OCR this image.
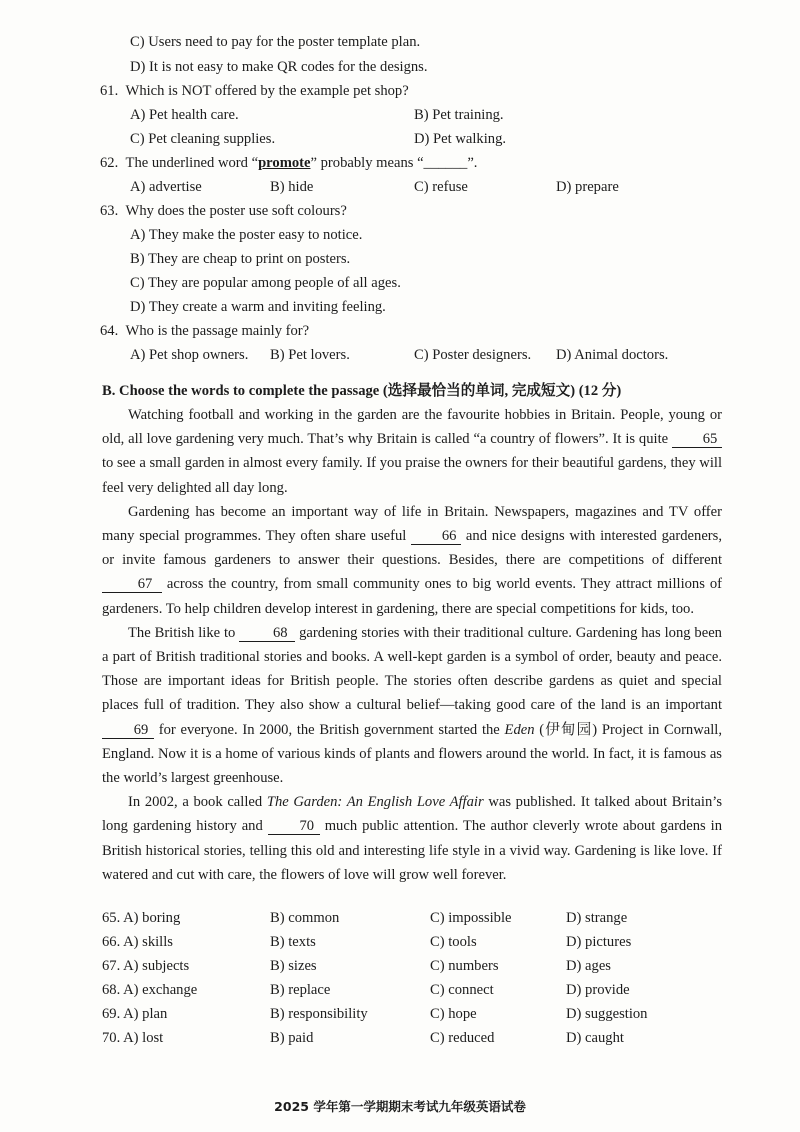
C) Users need to pay for the poster template plan.
D) It is not easy to make QR codes for the designs.
61. Which is NOT offered by the example pet shop?
A) Pet health care.	B) Pet training.
C) Pet cleaning supplies.	D) Pet walking.
62. The underlined word “promote” probably means “______”.
A) advertise	B) hide	C) refuse	D) prepare
63. Why does the poster use soft colours?
A) They make the poster easy to notice.
B) They are cheap to print on posters.
C) They are popular among people of all ages.
D) They create a warm and inviting feeling.
64. Who is the passage mainly for?
A) Pet shop owners. B) Pet lovers.	C) Poster designers. D) Animal doctors.
B. Choose the words to complete the passage (选择最恰当的单词, 完成短文) (12 分)

Watching football and working in the garden are the favourite hobbies in Britain. People, young or old, all love gardening very much. That’s why Britain is called “a country of flowers”. It is quite 65 to see a small garden in almost every family. If you praise the owners for their beautiful gardens, they will feel very delighted all day long.

Gardening has become an important way of life in Britain. Newspapers, magazines and TV offer many special programmes. They often share useful 66 and nice designs with interested gardeners, or invite famous gardeners to answer their questions. Besides, there are competitions of different 67 across the country, from small community ones to big world events. They attract millions of gardeners. To help children develop interest in gardening, there are special competitions for kids, too.

The British like to 68 gardening stories with their traditional culture. Gardening has long been a part of British traditional stories and books. A well-kept garden is a symbol of order, beauty and peace. Those are important ideas for British people. The stories often describe gardens as quiet and special places full of tradition. They also show a cultural belief—taking good care of the land is an important 69 for everyone. In 2000, the British government started the Eden (伊甸园) Project in Cornwall, England. Now it is a home of various kinds of plants and flowers around the world. In fact, it is famous as the world’s largest greenhouse.

In 2002, a book called The Garden: An English Love Affair was published. It talked about Britain’s long gardening history and 70 much public attention. The author cleverly wrote about gardens in British historical stories, telling this old and interesting life style in a vivid way. Gardening is like love. If watered and cut with care, the flowers of love will grow well forever.

65. A) boring	B) common	C) impossible	D) strange
66. A) skills	B) texts	C) tools	D) pictures
67. A) subjects	B) sizes	C) numbers	D) ages
68. A) exchange	B) replace	C) connect	D) provide
69. A) plan	B) responsibility	C) hope	D) suggestion
70. A) lost	B) paid	C) reduced	D) caught
2025 学年第一学期期末考试九年级英语试卷
